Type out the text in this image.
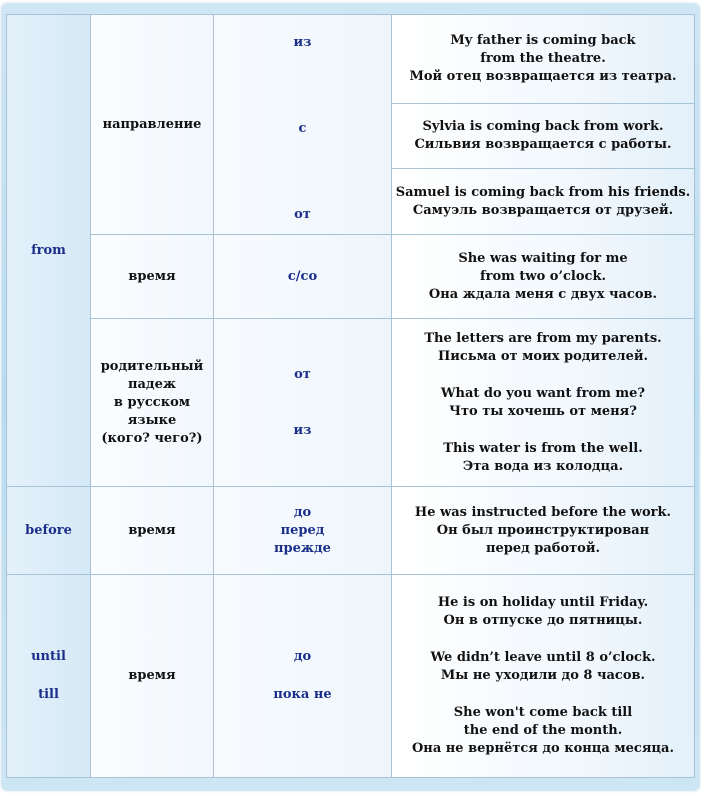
from
направление
из
с
от
My father is coming back
from the theatre.
Мой отец возвращается из театра.
Sylvia is coming back from work.
Сильвия возвращается с работы.
Samuel is coming back from his friends.
Самуэль возвращается от друзей.
время	с/со
She was waiting for me
from two o’clock.
Она ждала меня с двух часов.
родительный
падеж
в русском
языке
(кого? чего?)
от
из
The letters are from my parents.
Письма от моих родителей.
What do you want from me?
Что ты хочешь от меня?
This water is from the well.
Эта вода из колодца.
before	время
до
перед
прежде
He was instructed before the work.
Он был проинструктирован
перед работой.
until
till
время
до
пока не
He is on holiday until Friday.
Он в отпуске до пятницы.
We didn’t leave until 8 o’clock.
Мы не уходили до 8 часов.
She won't come back till
the end of the month.
Она не вернётся до конца месяца.
